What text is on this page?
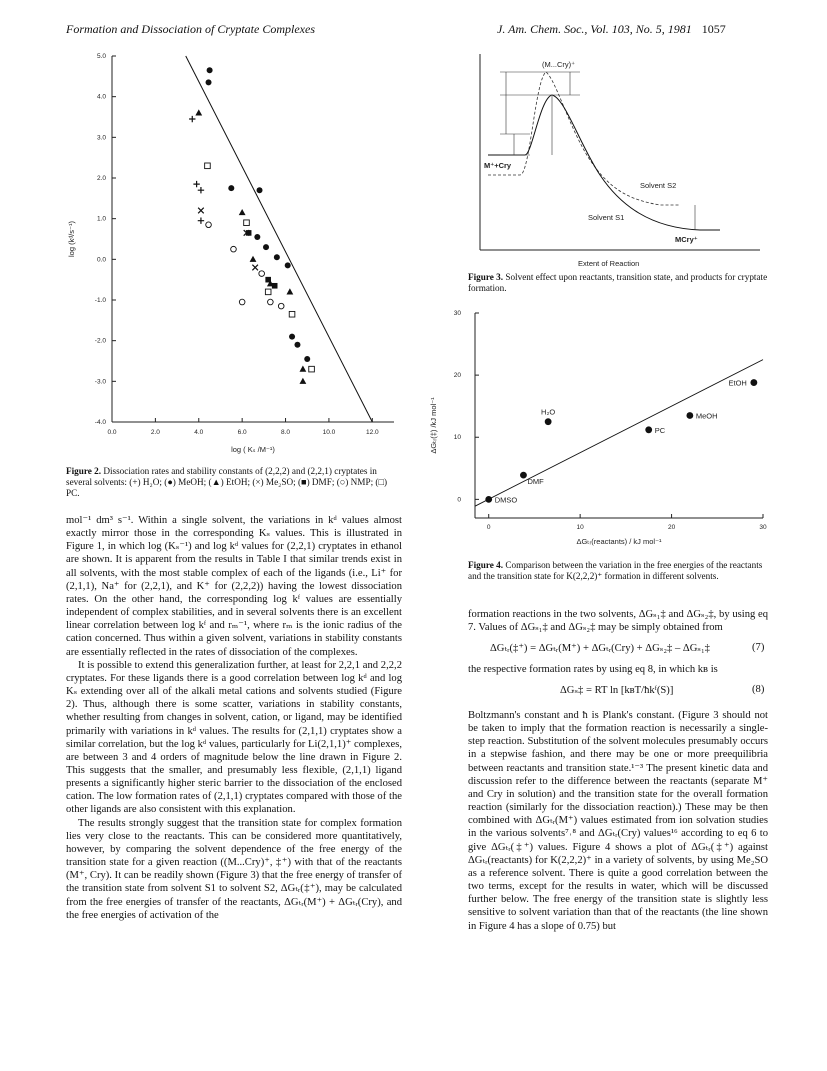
Formation and Dissociation of Cryptate Complexes	J. Am. Chem. Soc., Vol. 103, No. 5, 1981 1057
0.0	2.0	4.0	6.0	8.0	10.0	12.0
5.0
4.0
3.0
2.0
1.0
0.0
-1.0
-2.0
-3.0
-4.0
log ( Kₛ /M⁻¹)
log (kᵈ/s⁻¹)
Figure 2. Dissociation rates and stability constants of (2,2,2) and (2,2,1) cryptates in several solvents: (+) H₂O; (●) MeOH; (▲) EtOH; (×) Me₂SO; (■) DMF; (○) NMP; (□) PC.

mol⁻¹ dm³ s⁻¹. Within a single solvent, the variations in kᵈ values almost exactly mirror those in the corresponding Kₛ values. This is illustrated in Figure 1, in which log (Kₛ⁻¹) and log kᵈ values for (2,2,1) cryptates in ethanol are shown. It is apparent from the results in Table I that similar trends exist in all solvents, with the most stable complex of each of the ligands (i.e., Li⁺ for (2,1,1), Na⁺ for (2,2,1), and K⁺ for (2,2,2)) having the lowest dissociation rates. On the other hand, the corresponding log kᶠ values are essentially independent of complex stabilities, and in several solvents there is an excellent linear correlation between log kᶠ and rₘ⁻¹, where rₘ is the ionic radius of the cation concerned. Thus within a given solvent, variations in stability constants are essentially reflected in the rates of dissociation of the complexes.

It is possible to extend this generalization further, at least for 2,2,1 and 2,2,2 cryptates. For these ligands there is a good correlation between log kᵈ and log Kₛ extending over all of the alkali metal cations and solvents studied (Figure 2). Thus, although there is some scatter, variations in stability constants, whether resulting from changes in solvent, cation, or ligand, may be identified primarily with variations in kᵈ values. The results for (2,1,1) cryptates show a similar correlation, but the log kᵈ values, particularly for Li(2,1,1)⁺ complexes, are between 3 and 4 orders of magnitude below the line drawn in Figure 2. This suggests that the smaller, and presumably less flexible, (2,1,1) ligand presents a significantly higher steric barrier to the dissociation of the enclosed cation. The low formation rates of (2,1,1) cryptates compared with those of the other ligands are also consistent with this explanation.

The results strongly suggest that the transition state for complex formation lies very close to the reactants. This can be considered more quantitatively, however, by comparing the solvent dependence of the free energy of the transition state for a given reaction ((M...Cry)⁺, ‡⁺) with that of the reactants (M⁺, Cry). It can be readily shown (Figure 3) that the free energy of transfer of the transition state from solvent S1 to solvent S2, ΔGₜᵣ(‡⁺), may be calculated from the free energies of transfer of the reactants, ΔGₜᵣ(M⁺) + ΔGₜᵣ(Cry), and the free energies of activation of the

(M...Cry)⁺
M⁺+Cry
Solvent S2
Solvent S1
MCry⁺
Extent of Reaction
Figure 3. Solvent effect upon reactants, transition state, and products for cryptate formation.
0	10	20	30
30
20
10
0
ΔGₜᵣ(reactants) / kJ mol⁻¹
ΔGₜᵣ(‡) /kJ mol⁻¹
EtOH
MeOH
H₂O
PC
DMF
DMSO
Figure 4. Comparison between the variation in the free energies of the reactants and the transition state for K(2,2,2)⁺ formation in different solvents.

formation reactions in the two solvents, ΔGₛ₁‡ and ΔGₛ₂‡, by using eq 7. Values of ΔGₛ₁‡ and ΔGₛ₂‡ may be simply obtained from

ΔGₜᵣ(‡⁺) = ΔGₜᵣ(M⁺) + ΔGₜᵣ(Cry) + ΔGₛ₂‡ – ΔGₛ₁‡	(7)

the respective formation rates by using eq 8, in which kʙ is

ΔGₛ‡ = RT ln [kʙT/ħkᶠ(S)]	(8)

Boltzmann's constant and ħ is Plank's constant. (Figure 3 should not be taken to imply that the formation reaction is necessarily a single-step reaction. Substitution of the solvent molecules presumably occurs in a stepwise fashion, and there may be one or more preequilibria between reactants and transition state.¹⁻³ The present kinetic data and discussion refer to the difference between the reactants (separate M⁺ and Cry in solution) and the transition state for the overall formation reaction (similarly for the dissociation reaction).) These may be then combined with ΔGₜᵣ(M⁺) values estimated from ion solvation studies in the various solvents⁷˒⁸ and ΔGₜᵣ(Cry) values¹⁶ according to eq 6 to give ΔGₜᵣ(‡⁺) values. Figure 4 shows a plot of ΔGₜᵣ(‡⁺) against ΔGₜᵣ(reactants) for K(2,2,2)⁺ in a variety of solvents, by using Me₂SO as a reference solvent. There is quite a good correlation between the two terms, except for the results in water, which will be discussed further below. The free energy of the transition state is slightly less sensitive to solvent variation than that of the reactants (the line shown in Figure 4 has a slope of 0.75) but
